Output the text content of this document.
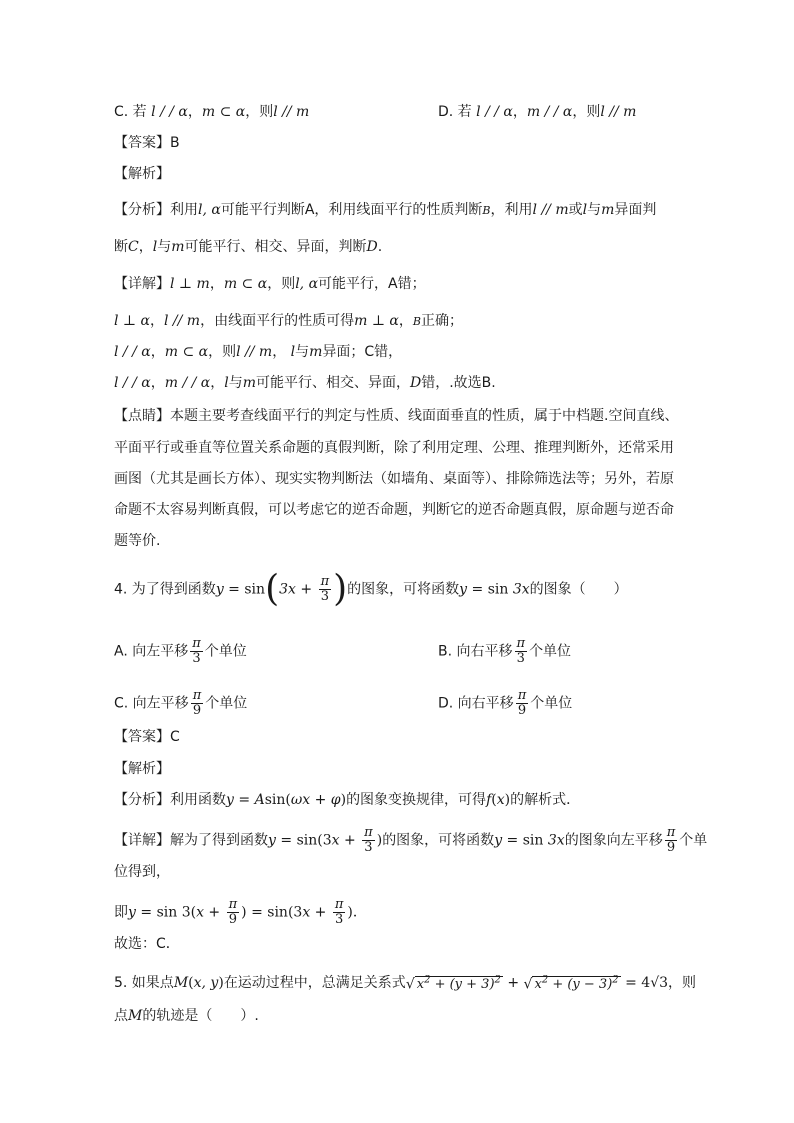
C. 若 l / / α，m ⊂ α，则l // m	D. 若 l / / α，m / / α，则l // m
【答案】B
【解析】
【分析】利用l, α可能平行判断A，利用线面平行的性质判断B，利用l // m或l与m异面判
断C，l与m可能平行、相交、异面，判断D.
【详解】l ⊥ m，m ⊂ α，则l, α可能平行，A错；
l ⊥ α，l // m，由线面平行的性质可得m ⊥ α，B正确；
l / / α，m ⊂ α，则l // m， l与m异面；C错，
l / / α，m / / α，l与m可能平行、相交、异面，D错，.故选B.
【点睛】本题主要考查线面平行的判定与性质、线面面垂直的性质，属于中档题.空间直线、
平面平行或垂直等位置关系命题的真假判断，除了利用定理、公理、推理判断外，还常采用
画图（尤其是画长方体）、现实实物判断法（如墙角、桌面等）、排除筛选法等；另外，若原
命题不太容易判断真假，可以考虑它的逆否命题，判断它的逆否命题真假，原命题与逆否命
题等价.
4. 为了得到函数$y = \sin(3x + \frac{\pi}{3}$ )的图象，可将函数y = sin 3x的图象（　　）
A. 向左平移 $\frac{\pi}{3}$ 个单位	B. 向右平移 $\frac{\pi}{3}$ 个单位
C. 向左平移 $\frac{\pi}{9}$ 个单位	D. 向右平移 $\frac{\pi}{9}$ 个单位
【答案】C
【解析】
【分析】利用函数y = Asin(ωx + φ)的图象变换规律，可得f(x)的解析式．
【详解】解为了得到函数$y = \sin(3x + \frac{\pi}{3}$ )的图象，可将函数y = sin 3x的图象向左平移 $\frac{\pi}{9}$ 个单
位得到，
即$y = \sin 3(x + \frac{\pi}{9}$ ) = $\sin(3x + \frac{\pi}{3}$ )．
故选：C．
5. 如果点M(x, y)在运动过程中，总满足关系式√ $x^2 + (y + 3)^2$ + √ $x^2 + (y - 3)^2 = 4√3$，则
点M的轨迹是（　　）.
